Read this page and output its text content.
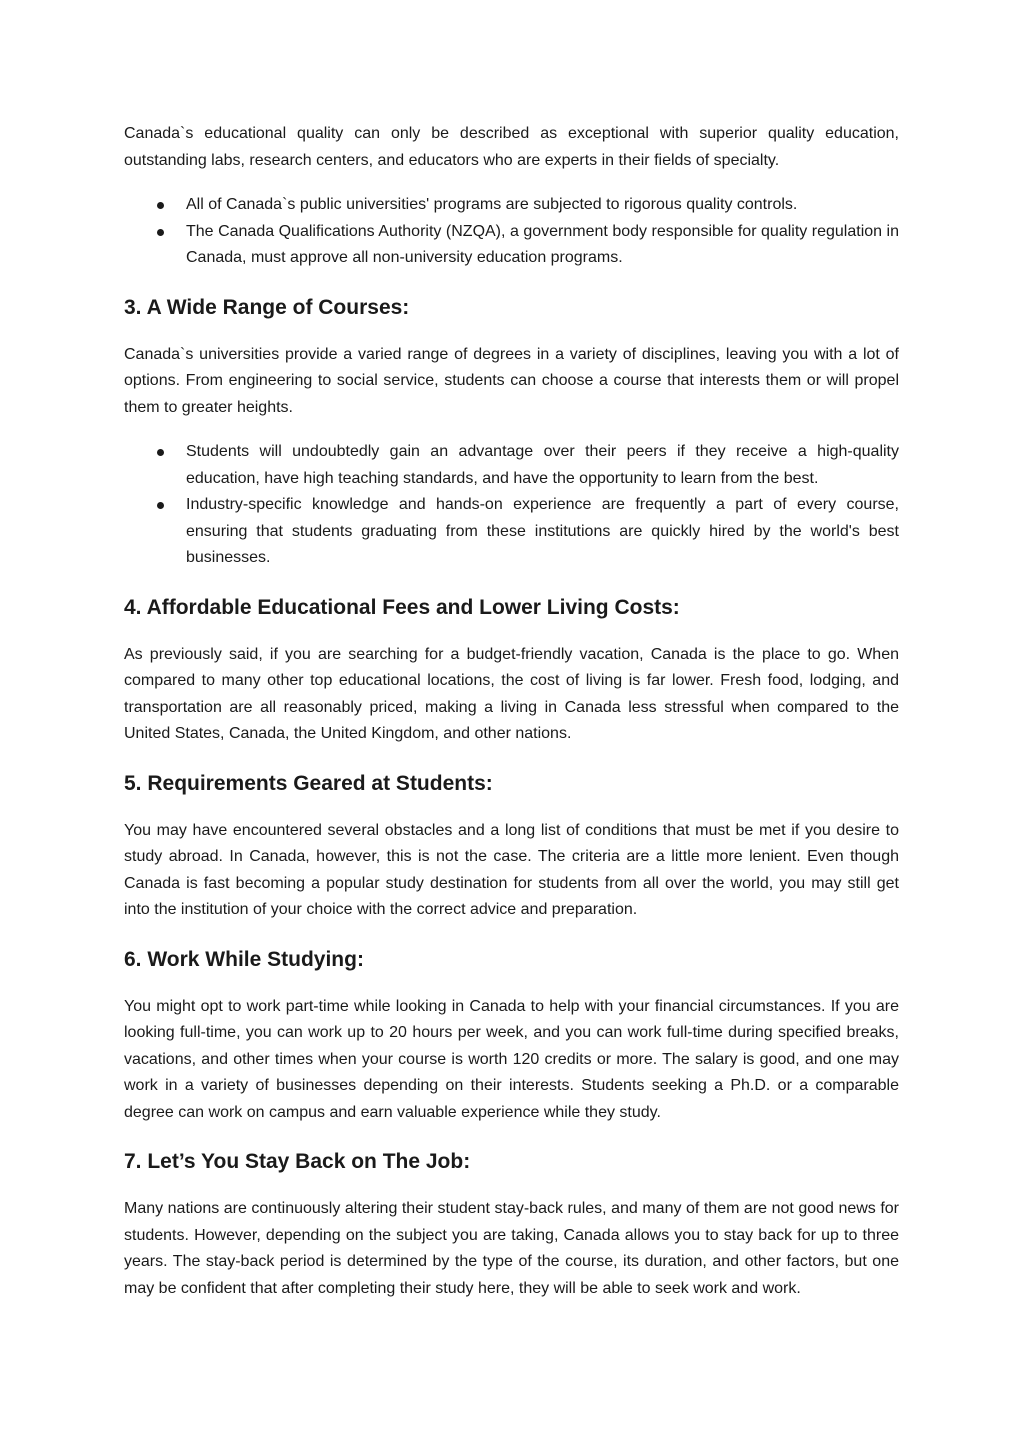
Canada`s educational quality can only be described as exceptional with superior quality education, outstanding labs, research centers, and educators who are experts in their fields of specialty.

All of Canada`s public universities' programs are subjected to rigorous quality controls.
The Canada Qualifications Authority (NZQA), a government body responsible for quality regulation in Canada, must approve all non-university education programs.
3. A Wide Range of Courses:

Canada`s universities provide a varied range of degrees in a variety of disciplines, leaving you with a lot of options. From engineering to social service, students can choose a course that interests them or will propel them to greater heights.

Students will undoubtedly gain an advantage over their peers if they receive a high-quality education, have high teaching standards, and have the opportunity to learn from the best.
Industry-specific knowledge and hands-on experience are frequently a part of every course, ensuring that students graduating from these institutions are quickly hired by the world's best businesses.
4. Affordable Educational Fees and Lower Living Costs:

As previously said, if you are searching for a budget-friendly vacation, Canada is the place to go. When compared to many other top educational locations, the cost of living is far lower. Fresh food, lodging, and transportation are all reasonably priced, making a living in Canada less stressful when compared to the United States, Canada, the United Kingdom, and other nations.

5. Requirements Geared at Students:

You may have encountered several obstacles and a long list of conditions that must be met if you desire to study abroad. In Canada, however, this is not the case. The criteria are a little more lenient. Even though Canada is fast becoming a popular study destination for students from all over the world, you may still get into the institution of your choice with the correct advice and preparation.

6. Work While Studying:

You might opt to work part-time while looking in Canada to help with your financial circumstances. If you are looking full-time, you can work up to 20 hours per week, and you can work full-time during specified breaks, vacations, and other times when your course is worth 120 credits or more. The salary is good, and one may work in a variety of businesses depending on their interests. Students seeking a Ph.D. or a comparable degree can work on campus and earn valuable experience while they study.

7. Let’s You Stay Back on The Job:

Many nations are continuously altering their student stay-back rules, and many of them are not good news for students. However, depending on the subject you are taking, Canada allows you to stay back for up to three years. The stay-back period is determined by the type of the course, its duration, and other factors, but one may be confident that after completing their study here, they will be able to seek work and work.
